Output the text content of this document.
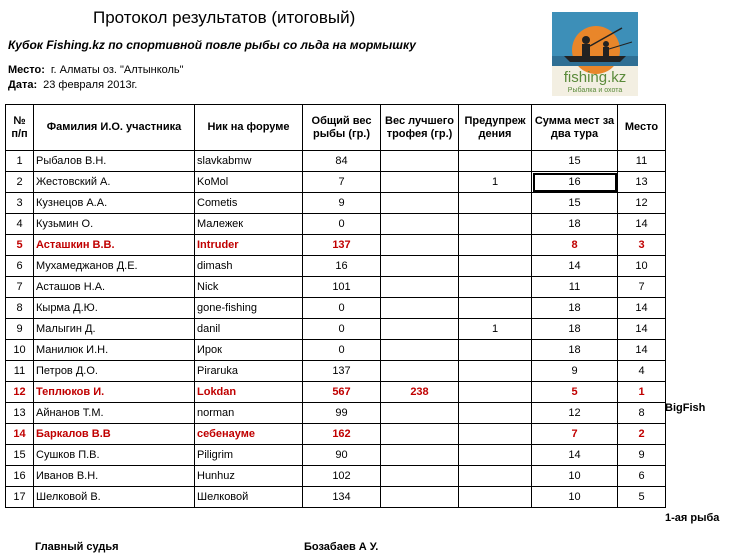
Протокол результатов (итоговый)
Кубок Fishing.kz по спортивной повле рыбы со льда на мормышку
Место: г. Алматы оз. "Алтынколь"
Дата: 23 февраля 2013г.	fishing.kz
Рыбалка и охота
№ п/п	Фамилия И.О. участника	Ник на форуме	Общий вес рыбы (гр.)	Вес лучшего трофея (гр.)	Предупреж дения	Сумма мест за два тура	Место
1	Рыбалов В.Н.	slavkabmw	84			15	11
2	Жестовский А.	KoMol	7		1	16	13
3	Кузнецов А.А.	Cometis	9			15	12
4	Кузьмин О.	Малежек	0			18	14
5	Асташкин В.В.	Intruder	137			8	3
6	Мухамеджанов Д.Е.	dimash	16			14	10
7	Асташов Н.А.	Nick	101			11	7
8	Кырма Д.Ю.	gone-fishing	0			18	14
9	Малыгин Д.	danil	0		1	18	14
10	Манилюк И.Н.	Ирок	0			18	14
11	Петров Д.О.	Piraruka	137			9	4
12	Теплюков И.	Lokdan	567	238		5	1
13	Айнанов Т.М.	norman	99			12	8
14	Баркалов В.В	себенауме	162			7	2
15	Сушков П.В.	Piligrim	90			14	9
16	Иванов В.Н.	Hunhuz	102			10	6
17	Шелковой В.	Шелковой	134			10	5
BigFish
1-ая рыба
Главный судья	Бозабаев А У.
